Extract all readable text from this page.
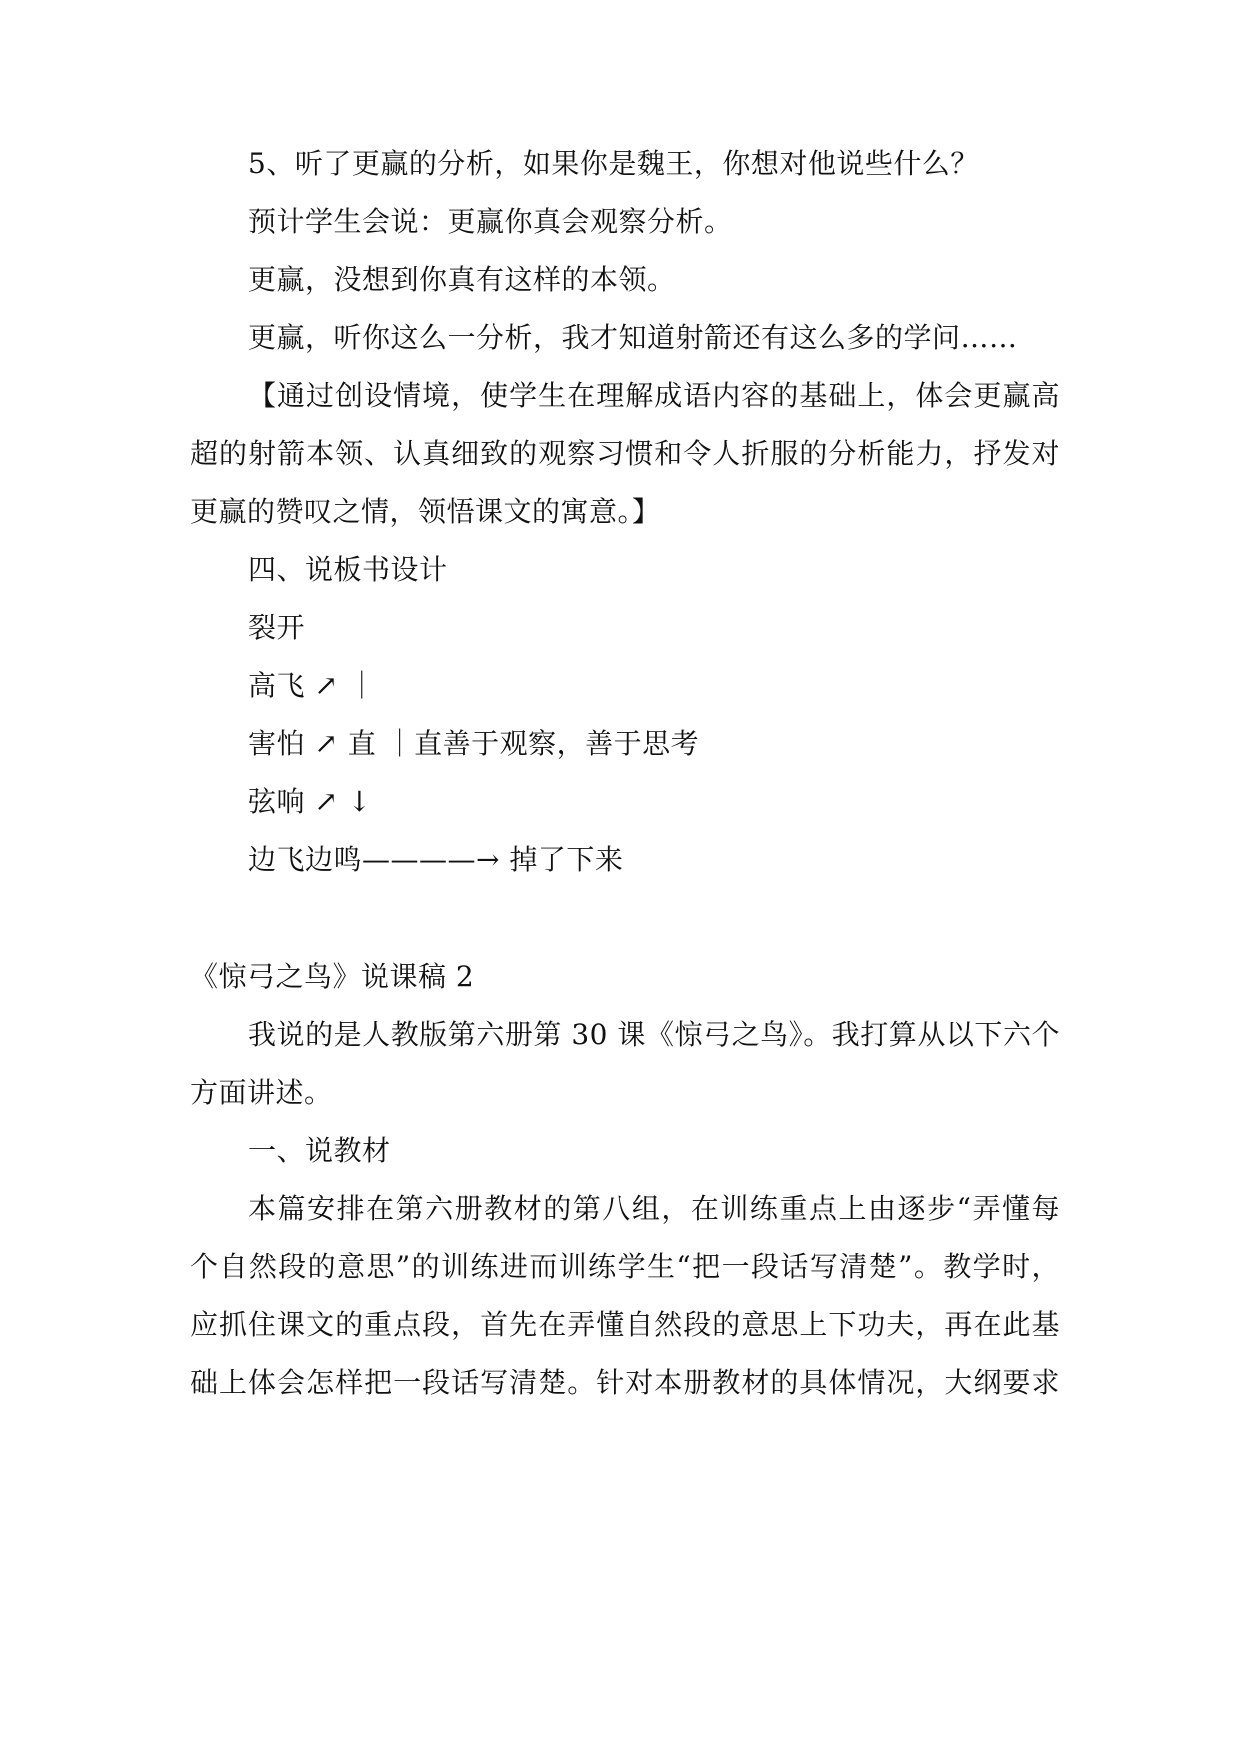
5、听了更赢的分析，如果你是魏王，你想对他说些什么？
预计学生会说：更赢你真会观察分析。
更赢，没想到你真有这样的本领。
更赢，听你这么一分析，我才知道射箭还有这么多的学问……
【通过创设情境，使学生在理解成语内容的基础上，体会更赢高
超的射箭本领、认真细致的观察习惯和令人折服的分析能力，抒发对
更赢的赞叹之情，领悟课文的寓意。】
四、说板书设计
裂开
高飞 ↗ ｜
害怕 ↗ 直 ｜直善于观察，善于思考
弦响 ↗ ↓
边飞边鸣————→ 掉了下来
《惊弓之鸟》说课稿 2
我说的是人教版第六册第 30 课《惊弓之鸟》。我打算从以下六个
方面讲述。
一、说教材
本篇安排在第六册教材的第八组，在训练重点上由逐步“弄懂每
个自然段的意思”的训练进而训练学生“把一段话写清楚”。教学时，
应抓住课文的重点段，首先在弄懂自然段的意思上下功夫，再在此基
础上体会怎样把一段话写清楚。针对本册教材的具体情况，大纲要求
